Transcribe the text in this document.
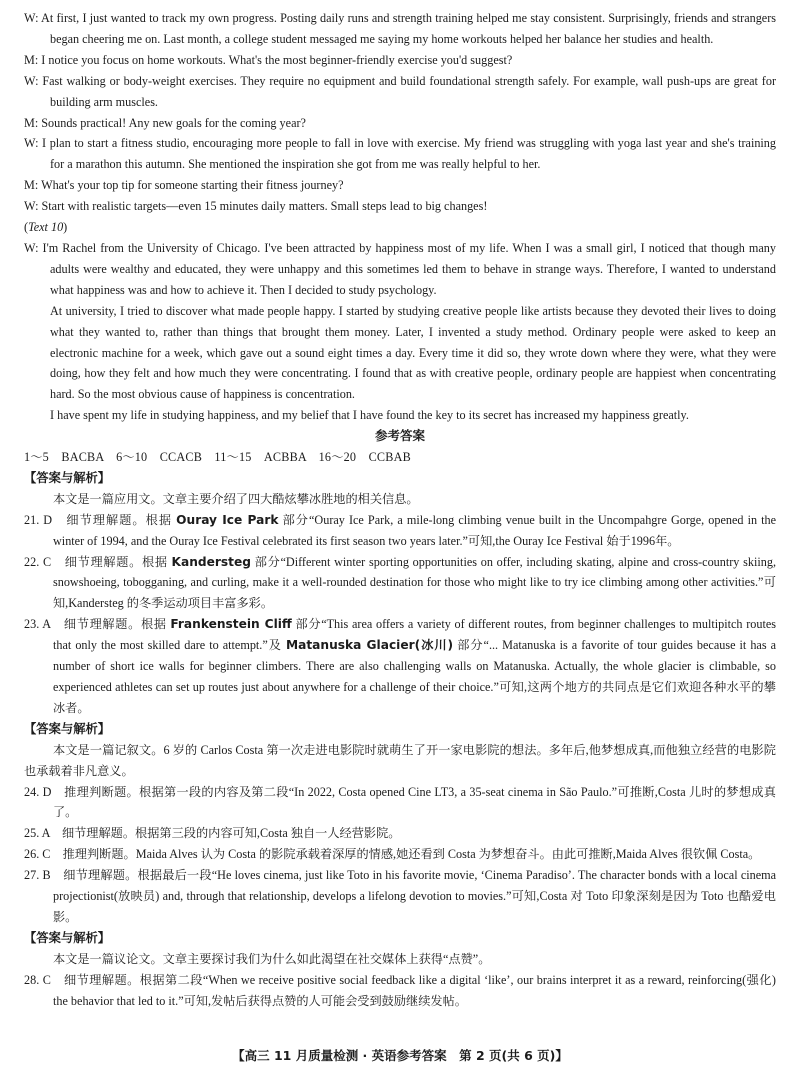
W: At first, I just wanted to track my own progress. Posting daily runs and strength training helped me stay consistent. Surprisingly, friends and strangers began cheering me on. Last month, a college student messaged me saying my home workouts helped her balance her studies and health.

M: I notice you focus on home workouts. What's the most beginner-friendly exercise you'd suggest?

W: Fast walking or body-weight exercises. They require no equipment and build foundational strength safely. For example, wall push-ups are great for building arm muscles.

M: Sounds practical! Any new goals for the coming year?

W: I plan to start a fitness studio, encouraging more people to fall in love with exercise. My friend was struggling with yoga last year and she's training for a marathon this autumn. She mentioned the inspiration she got from me was really helpful to her.

M: What's your top tip for someone starting their fitness journey?

W: Start with realistic targets—even 15 minutes daily matters. Small steps lead to big changes!

(Text 10)

W: I'm Rachel from the University of Chicago. I've been attracted by happiness most of my life. When I was a small girl, I noticed that though many adults were wealthy and educated, they were unhappy and this sometimes led them to behave in strange ways. Therefore, I wanted to understand what happiness was and how to achieve it. Then I decided to study psychology.

At university, I tried to discover what made people happy. I started by studying creative people like artists because they devoted their lives to doing what they wanted to, rather than things that brought them money. Later, I invented a study method. Ordinary people were asked to keep an electronic machine for a week, which gave out a sound eight times a day. Every time it did so, they wrote down where they were, what they were doing, how they felt and how much they were concentrating. I found that as with creative people, ordinary people are happiest when concentrating hard. So the most obvious cause of happiness is concentration.

I have spent my life in studying happiness, and my belief that I have found the key to its secret has increased my happiness greatly.

参考答案

1～5　BACBA　6～10　CCACB　11～15　ACBBA　16～20　CCBAB

【答案与解析】

本文是一篇应用文。文章主要介绍了四大酷炫攀冰胜地的相关信息。

21. D　 细节理解题。根据 Ouray Ice Park 部分“Ouray Ice Park, a mile-long climbing venue built in the Uncompahgre Gorge, opened in the winter of 1994, and the Ouray Ice Festival celebrated its first season two years later.”可知,the Ouray Ice Festival 始于1996年。

22. C　 细节理解题。根据 Kandersteg 部分“Different winter sporting opportunities on offer, including skating, alpine and cross-country skiing, snowshoeing, tobogganing, and curling, make it a well-rounded destination for those who might like to try ice climbing among other activities.”可知,Kandersteg 的冬季运动项目丰富多彩。

23. A　 细节理解题。根据 Frankenstein Cliff 部分“This area offers a variety of different routes, from beginner challenges to multipitch routes that only the most skilled dare to attempt.”及 Matanuska Glacier(冰川) 部分“... Matanuska is a favorite of tour guides because it has a number of short ice walls for beginner climbers. There are also challenging walls on Matanuska. Actually, the whole glacier is climbable, so experienced athletes can set up routes just about anywhere for a challenge of their choice.”可知,这两个地方的共同点是它们欢迎各种水平的攀冰者。

【答案与解析】

本文是一篇记叙文。6 岁的 Carlos Costa 第一次走进电影院时就萌生了开一家电影院的想法。多年后,他梦想成真,而他独立经营的电影院也承载着非凡意义。

24. D　 推理判断题。根据第一段的内容及第二段“In 2022, Costa opened Cine LT3, a 35-seat cinema in São Paulo.”可推断,Costa 儿时的梦想成真了。

25. A　 细节理解题。根据第三段的内容可知,Costa 独自一人经营影院。

26. C　 推理判断题。Maida Alves 认为 Costa 的影院承载着深厚的情感,她还看到 Costa 为梦想奋斗。由此可推断,Maida Alves 很钦佩 Costa。

27. B　 细节理解题。根据最后一段“He loves cinema, just like Toto in his favorite movie, ‘Cinema Paradiso’. The character bonds with a local cinema projectionist(放映员) and, through that relationship, develops a lifelong devotion to movies.”可知,Costa 对 Toto 印象深刻是因为 Toto 也酷爱电影。

【答案与解析】

本文是一篇议论文。文章主要探讨我们为什么如此渴望在社交媒体上获得“点赞”。

28. C　 细节理解题。根据第二段“When we receive positive social feedback like a digital ‘like’, our brains interpret it as a reward, reinforcing(强化) the behavior that led to it.”可知,发帖后获得点赞的人可能会受到鼓励继续发帖。

【高三 11 月质量检测 · 英语参考答案　第 2 页(共 6 页)】
